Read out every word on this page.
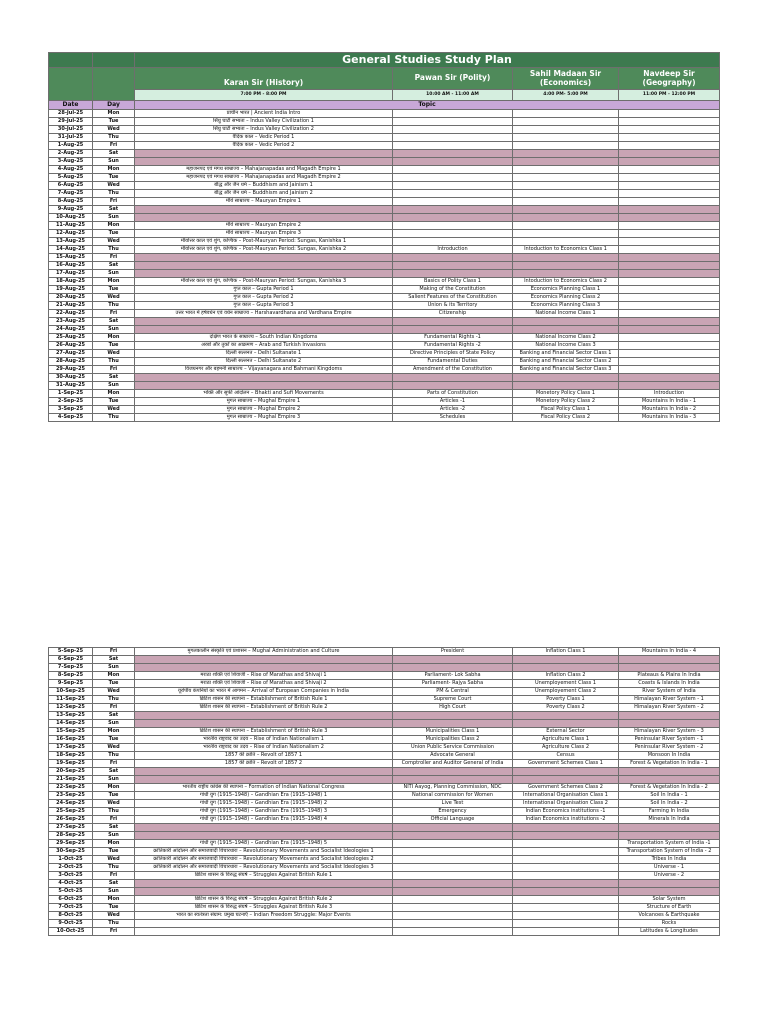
		General Studies Study Plan			
		Karan Sir (History)	Pawan Sir (Polity)	Sahil Madaan Sir (Economics)	Navdeep Sir (Geography)
		7:00 PM - 8:00 PM	10:00 AM - 11:00 AM	4:00 PM- 5:00 PM	11:00 PM - 12:00 PM
Date	Day	Topic			
28-Jul-25	Mon	प्राचीन भारत | Ancient India Intro			
29-Jul-25	Tue	सिंधु घाटी सभ्यता – Indus Valley Civilization 1			
30-Jul-25	Wed	सिंधु घाटी सभ्यता – Indus Valley Civilization 2			
31-Jul-25	Thu	वैदिक काल – Vedic Period 1			
1-Aug-25	Fri	वैदिक काल – Vedic Period 2			
2-Aug-25	Sat				
3-Aug-25	Sun				
4-Aug-25	Mon	महाजनपद एवं मगध साम्राज्य – Mahajanapadas and Magadh Empire 1			
5-Aug-25	Tue	महाजनपद एवं मगध साम्राज्य – Mahajanapadas and Magadh Empire 2			
6-Aug-25	Wed	बौद्ध और जैन धर्म – Buddhism and Jainism 1			
7-Aug-25	Thu	बौद्ध और जैन धर्म – Buddhism and Jainism 2			
8-Aug-25	Fri	मौर्य साम्राज्य – Mauryan Empire 1			
9-Aug-25	Sat				
10-Aug-25	Sun				
11-Aug-25	Mon	मौर्य साम्राज्य – Mauryan Empire 2			
12-Aug-25	Tue	मौर्य साम्राज्य – Mauryan Empire 3			
13-Aug-25	Wed	मौर्योत्तर काल एवं शुंग, कण्विक – Post-Mauryan Period: Sungas, Kanishka 1			
14-Aug-25	Thu	मौर्योत्तर काल एवं शुंग, कण्विक – Post-Mauryan Period: Sungas, Kanishka 2	Introduction	Intoduction to Economics Class 1	
15-Aug-25	Fri				
16-Aug-25	Sat				
17-Aug-25	Sun				
18-Aug-25	Mon	मौर्योत्तर काल एवं शुंग, कण्विक – Post-Mauryan Period: Sungas, Kanishka 3	Basics of Polity Class 1	Intoduction to Economics Class 2	
19-Aug-25	Tue	गुप्त काल – Gupta Period 1	Making of the Constitution	Economics Planning Class 1	
20-Aug-25	Wed	गुप्त काल – Gupta Period 2	Salient Features of the Constitution	Economics Planning Class 2	
21-Aug-25	Thu	गुप्त काल – Gupta Period 3	Union & its Territory	Economics Planning Class 3	
22-Aug-25	Fri	उत्तर भारत में हर्षवर्धन एवं वर्धन साम्राज्य – Harshavardhana and Vardhana Empire	Citizenship	National Income Class 1	
23-Aug-25	Sat				
24-Aug-25	Sun				
25-Aug-25	Mon	दक्षिण भारत के साम्राज्य – South Indian Kingdoms	Fundamental Rights -1	National Income Class 2	
26-Aug-25	Tue	अरबों और तुर्कों का आक्रमण – Arab and Turkish Invasions	Fundamental Rights -2	National Income Class 3	
27-Aug-25	Wed	दिल्ली सल्तनत – Delhi Sultanate 1	Directive Principles of State Policy	Banking and Financial Sector Class 1	
28-Aug-25	Thu	दिल्ली सल्तनत – Delhi Sultanate 2	Fundamental Duties	Banking and Financial Sector Class 2	
29-Aug-25	Fri	विजयनगर और बहमनी साम्राज्य – Vijayanagara and Bahmani Kingdoms	Amendment of the Constitution	Banking and Financial Sector Class 3	
30-Aug-25	Sat				
31-Aug-25	Sun				
1-Sep-25	Mon	भक्ति और सूफी आंदोलन – Bhakti and Sufi Movements	Parts of Constitution	Monetory Policy Class 1	Introduction
2-Sep-25	Tue	मुगल साम्राज्य – Mughal Empire 1	Articles -1	Monetory Policy Class 2	Mountains In India - 1
3-Sep-25	Wed	मुगल साम्राज्य – Mughal Empire 2	Articles -2	Fiscal Policy Class 1	Mountains In India - 2
4-Sep-25	Thu	मुगल साम्राज्य – Mughal Empire 3	Schedules	Fiscal Policy Class 2	Mountains In India - 3
5-Sep-25	Fri	मुगलकालीन संस्कृति एवं प्रशासन – Mughal Administration and Culture	President	Inflation Class 1	Mountains In India - 4
6-Sep-25	Sat				
7-Sep-25	Sun				
8-Sep-25	Mon	मराठा शक्ति एवं शिवाजी – Rise of Marathas and Shivaji 1	Parliament- Lok Sabha	Inflation Class 2	Plateaus & Plains In India
9-Sep-25	Tue	मराठा शक्ति एवं शिवाजी – Rise of Marathas and Shivaji 2	Parliament- Rajya Sabha	Unemployement Class 1	Coasts & Islands In India
10-Sep-25	Wed	यूरोपीय कंपनियों का भारत में आगमन – Arrival of European Companies in India	PM & Central	Unemployement Class 2	River System of India
11-Sep-25	Thu	ब्रिटिश शासन की स्थापना – Establishment of British Rule 1	Supreme Court	Poverty Class 1	Himalayan River System - 1
12-Sep-25	Fri	ब्रिटिश शासन की स्थापना – Establishment of British Rule 2	High Court	Poverty Class 2	Himalayan River System - 2
13-Sep-25	Sat				
14-Sep-25	Sun				
15-Sep-25	Mon	ब्रिटिश शासन की स्थापना – Establishment of British Rule 3	Municipalities Class 1	External Sector	Himalayan River System - 3
16-Sep-25	Tue	भारतीय राष्ट्रवाद का उदय – Rise of Indian Nationalism 1	Municipalities Class 2	Agriculture Class 1	Peninsular River System - 1
17-Sep-25	Wed	भारतीय राष्ट्रवाद का उदय – Rise of Indian Nationalism 2	Union Public Service Commission	Agriculture Class 2	Peninsular River System - 2
18-Sep-25	Thu	1857 की क्रांति – Revolt of 1857 1	Advocate General	Census	Monsoon In India
19-Sep-25	Fri	1857 की क्रांति – Revolt of 1857 2	Comptroller and Auditor General of India	Government Schemes Class 1	Forest & Vegetation In India - 1
20-Sep-25	Sat				
21-Sep-25	Sun				
22-Sep-25	Mon	भारतीय राष्ट्रीय कांग्रेस की स्थापना – Formation of Indian National Congress	NITI Aayog, Planning Commission, NDC	Government Schemes Class 2	Forest & Vegetation In India - 2
23-Sep-25	Tue	गांधी युग (1915–1948) – Gandhian Era (1915–1948) 1	National commission for Women	International Organisation Class 1	Soil In India - 1
24-Sep-25	Wed	गांधी युग (1915–1948) – Gandhian Era (1915–1948) 2	Live Test	International Organisation Class 2	Soil In India - 2
25-Sep-25	Thu	गांधी युग (1915–1948) – Gandhian Era (1915–1948) 3	Emergency	Indian Economics institutions -1	Farming In India
26-Sep-25	Fri	गांधी युग (1915–1948) – Gandhian Era (1915–1948) 4	Official Language	Indian Economics institutions -2	Minerals In India
27-Sep-25	Sat				
28-Sep-25	Sun				
29-Sep-25	Mon	गांधी युग (1915–1948) – Gandhian Era (1915–1948) 5			Transportation System of India -1
30-Sep-25	Tue	क्रांतिकारी आंदोलन और समाजवादी विचारधारा – Revolutionary Movements and Socialist Ideologies 1			Transportation System of India - 2
1-Oct-25	Wed	क्रांतिकारी आंदोलन और समाजवादी विचारधारा – Revolutionary Movements and Socialist Ideologies 2			Tribes In India
2-Oct-25	Thu	क्रांतिकारी आंदोलन और समाजवादी विचारधारा – Revolutionary Movements and Socialist Ideologies 3			Universe - 1
3-Oct-25	Fri	ब्रिटिश शासन के विरुद्ध संघर्ष – Struggles Against British Rule 1			Universe - 2
4-Oct-25	Sat				
5-Oct-25	Sun				
6-Oct-25	Mon	ब्रिटिश शासन के विरुद्ध संघर्ष – Struggles Against British Rule 2			Solar System
7-Oct-25	Tue	ब्रिटिश शासन के विरुद्ध संघर्ष – Struggles Against British Rule 3			Structure of Earth
8-Oct-25	Wed	भारत का स्वतंत्रता संग्राम: प्रमुख घटनाएँ – Indian Freedom Struggle: Major Events			Volcanoes & Earthquake
9-Oct-25	Thu				Rocks
10-Oct-25	Fri				Latitudes & Longitudes
